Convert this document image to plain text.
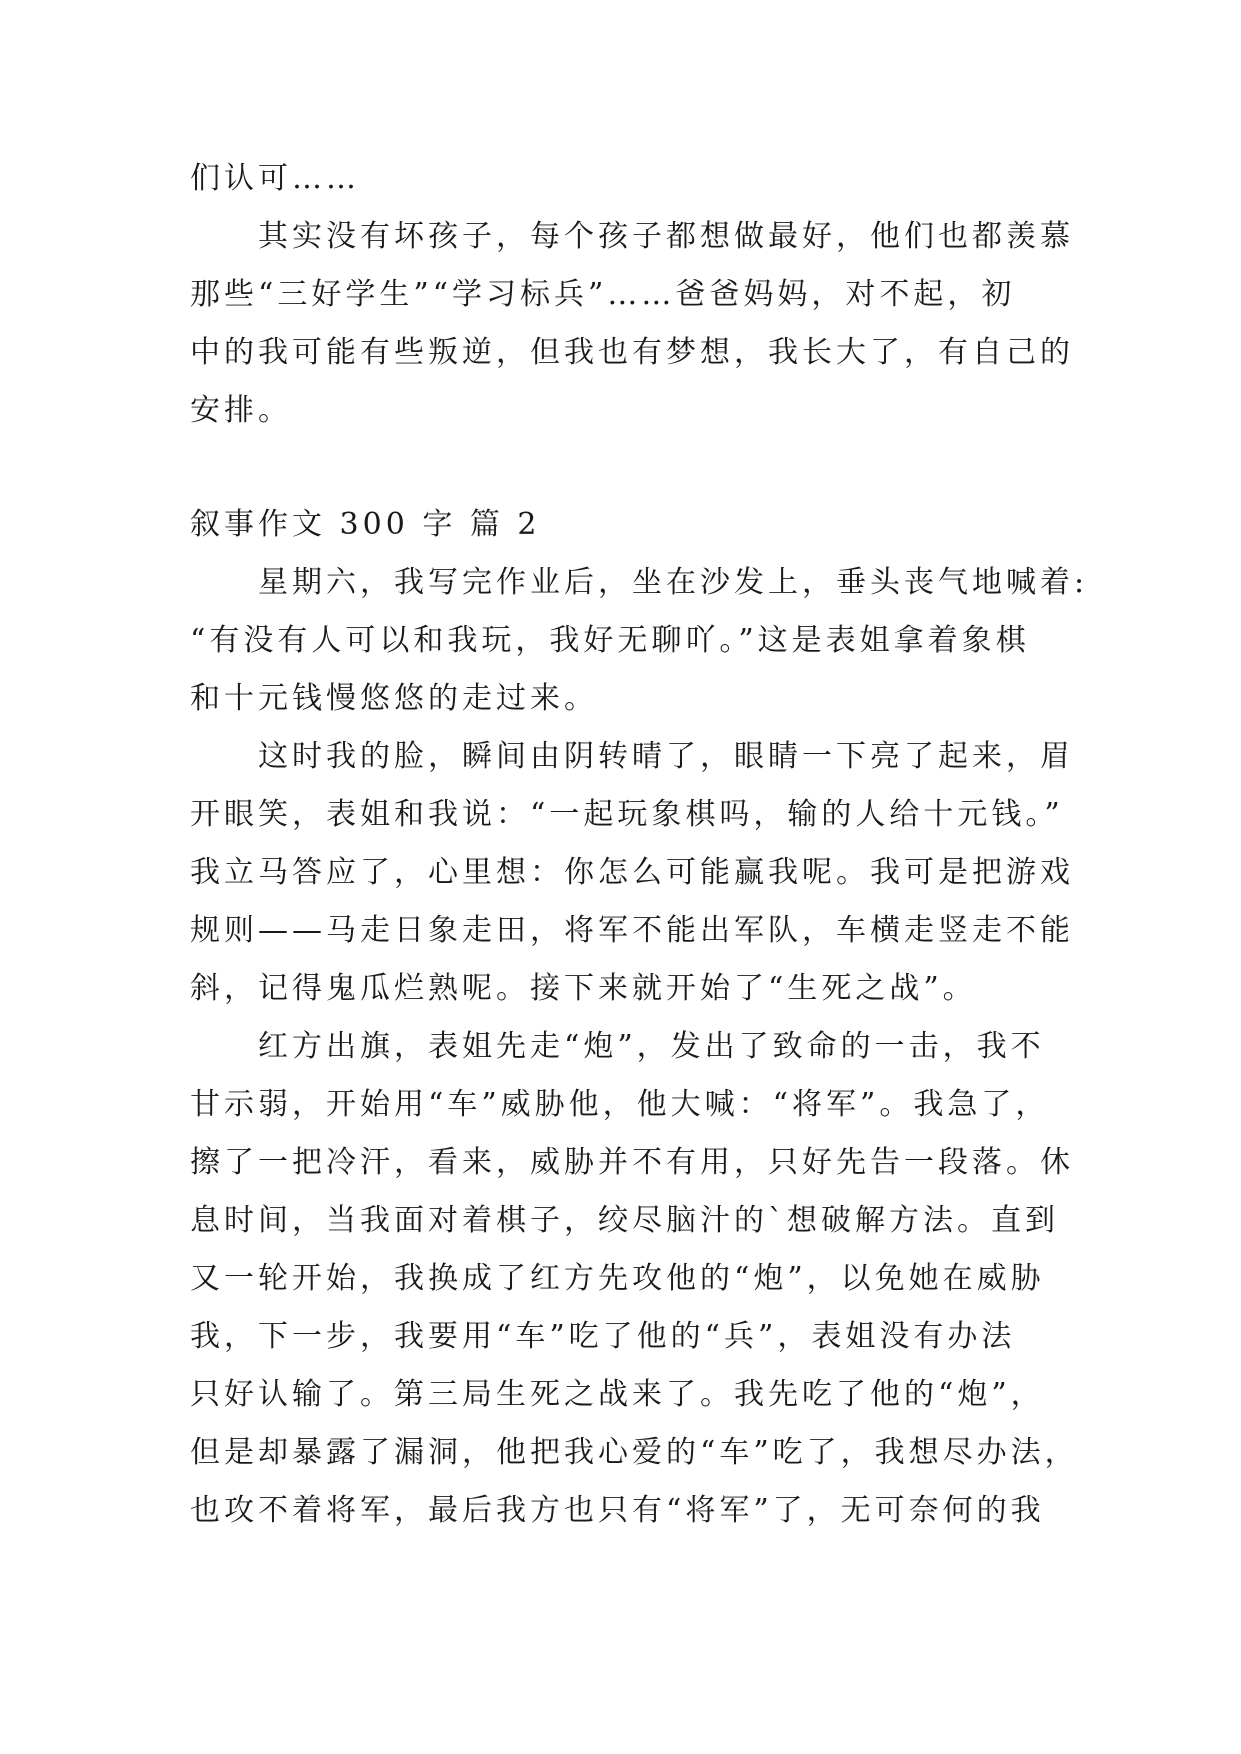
们认可……
其实没有坏孩子，每个孩子都想做最好，他们也都羡慕
那些“三好学生”“学习标兵”……爸爸妈妈，对不起，初
中的我可能有些叛逆，但我也有梦想，我长大了，有自己的
安排。
叙事作文 300 字 篇 2
星期六，我写完作业后，坐在沙发上，垂头丧气地喊着:
“有没有人可以和我玩，我好无聊吖。”这是表姐拿着象棋
和十元钱慢悠悠的走过来。
这时我的脸，瞬间由阴转晴了，眼睛一下亮了起来，眉
开眼笑，表姐和我说：“一起玩象棋吗，输的人给十元钱。”
我立马答应了，心里想：你怎么可能赢我呢。我可是把游戏
规则——马走日象走田，将军不能出军队，车横走竖走不能
斜，记得鬼瓜烂熟呢。接下来就开始了“生死之战”。
红方出旗，表姐先走“炮”，发出了致命的一击，我不
甘示弱，开始用“车”威胁他，他大喊：“将军”。我急了，
擦了一把冷汗，看来，威胁并不有用，只好先告一段落。休
息时间，当我面对着棋子，绞尽脑汁的`想破解方法。直到
又一轮开始，我换成了红方先攻他的“炮”，以免她在威胁
我，下一步，我要用“车”吃了他的“兵”，表姐没有办法
只好认输了。第三局生死之战来了。我先吃了他的“炮”，
但是却暴露了漏洞，他把我心爱的“车”吃了，我想尽办法，
也攻不着将军，最后我方也只有“将军”了，无可奈何的我
